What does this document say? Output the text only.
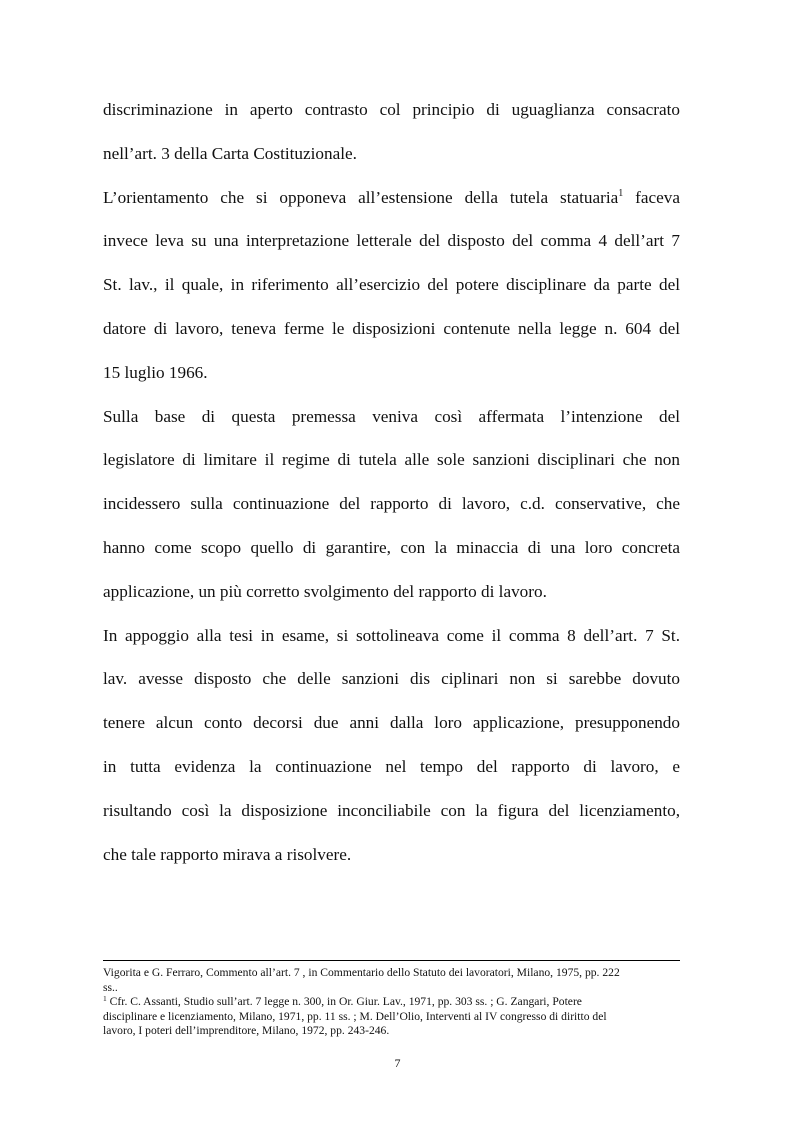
discriminazione in aperto contrasto col principio di uguaglianza consacrato
nell’art. 3 della Carta Costituzionale.

L’orientamento che si opponeva all’estensione della tutela statuaria$^1$ faceva
invece leva su una interpretazione letterale del disposto del comma 4 dell’art 7
St. lav., il quale, in riferimento all’esercizio del potere disciplinare da parte del
datore di lavoro, teneva ferme le disposizioni contenute nella legge n. 604 del
15 luglio 1966.

Sulla base di questa premessa veniva così affermata l’intenzione del
legislatore di limitare il regime di tutela alle sole sanzioni disciplinari che non
incidessero sulla continuazione del rapporto di lavoro, c.d. conservative, che
hanno come scopo quello di garantire, con la minaccia di una loro concreta
applicazione, un più corretto svolgimento del rapporto di lavoro.

In appoggio alla tesi in esame, si sottolineava come il comma 8 dell’art. 7 St.
lav. avesse disposto che delle sanzioni dis ciplinari non si sarebbe dovuto
tenere alcun conto decorsi due anni dalla loro applicazione, presupponendo
in tutta evidenza la continuazione nel tempo del rapporto di lavoro, e
risultando così la disposizione inconciliabile con la figura del licenziamento,
che tale rapporto mirava a risolvere.

Vigorita e G. Ferraro, Commento all’art. 7 , in Commentario dello Statuto dei lavoratori, Milano, 1975, pp. 222
ss..

$^1$ Cfr. C. Assanti, Studio sull’art. 7 legge n. 300, in Or. Giur. Lav., 1971, pp. 303 ss. ; G. Zangari, Potere
disciplinare e licenziamento, Milano, 1971, pp. 11 ss. ; M. Dell’Olio, Interventi al IV congresso di diritto del
lavoro, I poteri dell’imprenditore, Milano, 1972, pp. 243-246.

7
